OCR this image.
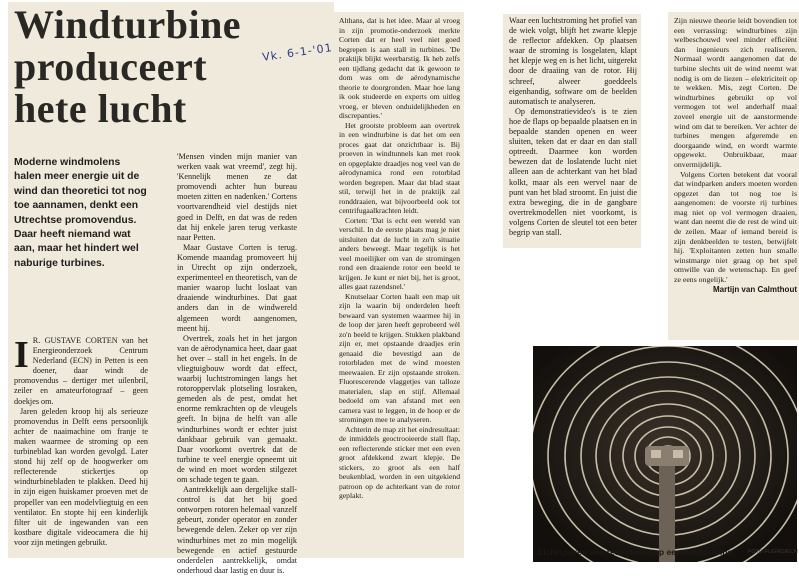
Windturbine
produceert
hete lucht
Vk. 6-1-'01
Moderne windmolens halen meer energie uit de wind dan theoretici tot nog toe aannamen, denkt een Utrechtse promovendus. Daar heeft niemand wat aan, maar het hindert wel naburige turbines.

I R. GUSTAVE CORTEN van het Energieonderzoek Centrum Nederland (ECN) in Petten is een doener, daar windt de promovendus – dertiger met uilenbril, zeiler en amateurfotograaf – geen doekjes om.

Jaren geleden kroop hij als serieuze promovendus in Delft eens persoonlijk achter de naaimachine om franje te maken waarmee de stroming op een turbineblad kan worden gevolgd. Later stond hij zelf op de hoogwerker om reflecterende stickertjes op windturbinebladen te plakken. Deed hij in zijn eigen huiskamer proeven met de propeller van een modelvliegtuig en een ventilator. En stopte hij een kinderlijk filter uit de ingewanden van een kostbare digitale videocamera die hij voor zijn metingen gebruikt.

'Mensen vinden mijn manier van werken vaak wat vreemd', zegt hij. 'Kennelijk menen ze dat promovendi achter hun bureau moeten zitten en nadenken.' Cortens voortvarendheid viel destijds niet goed in Delft, en dat was de reden dat hij enkele jaren terug verkaste naar Petten.

Maar Gustave Corten is terug. Komende maandag promoveert hij in Utrecht op zijn onderzoek, experimenteel en theoretisch, van de manier waarop lucht loslaat van draaiende windturbines. Dat gaat anders dan in de windwereld algemeen wordt aangenomen, meent hij.

Overtrek, zoals het in het jargon van de aërodynamica heet, daar gaat het over – stall in het engels. In de vliegtuigbouw wordt dat effect, waarbij luchtstromingen langs het rotoroppervlak plotseling losraken, gemeden als de pest, omdat het enorme remkrachten op de vleugels geeft. In bijna de helft van alle windturbines wordt er echter juist dankbaar gebruik van gemaakt. Daar voorkomt overtrek dat de turbine te veel energie opneemt uit de wind en moet worden stilgezet om schade tegen te gaan.

Aantrekkelijk aan dergelijke stall-control is dat het bij goed ontworpen rotoren helemaal vanzelf gebeurt, zonder operator en zonder bewegende delen. Zeker op ver zijn windturbines met zo min mogelijk bewegende en actief gestuurde onderdelen aantrekkelijk, omdat onderhoud daar lastig en duur is.

Althans, dat is het idee. Maar al vroeg in zijn promotie-onderzoek merkte Corten dat er heel veel niet goed begrepen is aan stall in turbines. 'De praktijk blijkt weerbarstig. Ik heb zelfs een tijdlang gedacht dat ik gewoon te dom was om de aërodynamische theorie te doorgronden. Maar hoe lang ik ook studeerde en experts om uitleg vroeg, er bleven onduidelijkheden en discrepanties.'

Het grootste probleem aan overtrek in een windturbine is dat het om een proces gaat dat onzichtbaar is. Bij proeven in windtunnels kan met rook en opgeplakte draadjes nog veel van de aërodynamica rond een rotorblad worden begrepen. Maar dat blad staat stil, terwijl het in de praktijk zal ronddraaien, wat bijvoorbeeld ook tot centrifugaalkrachten leidt.

Corten: 'Dat is echt een wereld van verschil. In de eerste plaats mag je niet uitsluiten dat de lucht in zo'n situatie anders beweegt. Maar tegelijk is het veel moeilijker om van de stromingen rond een draaiende rotor een beeld te krijgen. Je kunt er niet bij, het is groot, alles gaat razendsnel.'

Knutselaar Corten haalt een map uit zijn la waarin bij onderdelen heeft bewaard van systemen waarmee hij in de loop der jaren heeft geprobeerd wél zo'n beeld te krijgen. Stukken plakband zijn er, met opstaande draadjes erin genaaid die bevestigd aan de rotorbladen met de wind moesten meewaaien. Er zijn opstaande stroken. Fluorescerende vlaggetjes van talloze materialen, slap en stijf. Allemaal bedoeld om van afstand met een camera vast te leggen, in de hoop er de stromingen mee te analyseren.

Achterin de map zit het eindresultaat: de inmiddels geoctrooieerde stall flap, een reflecterende sticker met een even groot afdekkend zwart klepje. De stickers, zo groot als een half beukenblad, worden in een uitgekiend patroon op de achterkant van de rotor geplakt.

Waar een luchtstroming het profiel van de wiek volgt, blijft het zwarte klepje de reflector afdekken. Op plaatsen waar de stroming is losgelaten, klapt het klepje weg en is het licht, uitgerekt door de draaiing van de rotor. Hij schreef, alweer goeddeels eigenhandig, software om de beelden automatisch te analyseren.

Op demonstratievideo's is te zien hoe de flaps op bepaalde plaatsen en in bepaalde standen openen en weer sluiten, teken dat er daar en dan stall optreedt. Daarmee kon worden bewezen dat de loslatende lucht niet alleen aan de achterkant van het blad kolkt, maar als een wervel naar de punt van het blad stroomt. En juist die extra beweging, die in de gangbare overtrekmodellen niet voorkomt, is volgens Corten de sleutel tot een beter begrip van stall.

Zijn nieuwe theorie leidt bovendien tot een verrassing: windturbines zijn welbeschouwd veel minder efficiënt dan ingenieurs zich realiseren. Normaal wordt aangenomen dat de turbine slechts uit de wind neemt wat nodig is om de liezen – elektriciteit op te wekken. Mis, zegt Corten. De windturbines gebruikt op vol vermogen tot wel anderhalf maal zoveel energie uit de aanstormende wind om dat te bereiken. Ver achter de turbines mengen afgeremde en doorgaande wind, en wordt warmte opgewekt. Onbruikbaar, maar onvermijdelijk.

Volgens Corten betekent dat vooral dat windparken anders moeten worden opgezet dan tot nog toe is aangenomen: de voorste rij turbines mag niet op vol vermogen draaien, want dan neemt die de rest de wind uit de zeilen. Maar of iemand bereid is zijn denkbeelden te testen, betwijfelt hij. 'Exploitanten zetten hun smalle winstmarge niet graag op het spel omwille van de wetenschap. En geef ze eens ongelijk.'

Martijn van Calmthout
Lichtsporen van reflectoren op een windturbine. FOTO FUGRO/ECN
